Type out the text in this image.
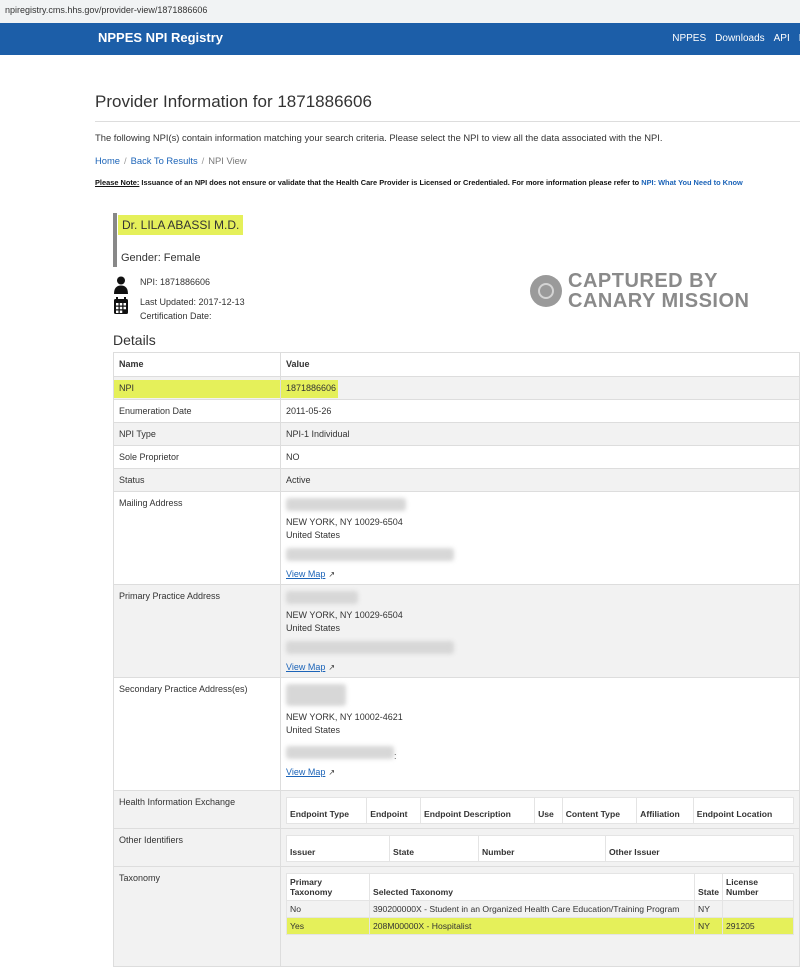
npiregistry.cms.hhs.gov/provider-view/1871886606
NPPES NPI Registry	NPPES Downloads API H
Provider Information for 1871886606
The following NPI(s) contain information matching your search criteria. Please select the NPI to view all the data associated with the NPI.
Home / Back To Results / NPI View
Please Note: Issuance of an NPI does not ensure or validate that the Health Care Provider is Licensed or Credentialed. For more information please refer to NPI: What You Need to Know
Dr. LILA ABASSI M.D.
Gender: Female
NPI: 1871886606
Last Updated: 2017-12-13
Certification Date:
CAPTURED BY
CANARY MISSION
Details
Name	Value

NPI	1871886606
Enumeration Date	2011-05-26
NPI Type	NPI-1 Individual
Sole Proprietor	NO
Status	Active
Mailing Address	
NEW YORK, NY 10029-6504
United States

View Map ↗
Primary Practice Address	
NEW YORK, NY 10029-6504
United States

View Map ↗
Secondary Practice Address(es)	
NEW YORK, NY 10002-4621
United States
:
View Map ↗
Health Information Exchange	
Endpoint Type	Endpoint	Endpoint Description	Use	Content Type	Affiliation	Endpoint Location

Other Identifiers	
Issuer	State	Number	Other Issuer

Taxonomy		Primary Taxonomy	Selected Taxonomy	State	License Number
No	390200000X - Student in an Organized Health Care Education/Training Program	NY	
Yes	208M00000X - Hospitalist	NY	291205
